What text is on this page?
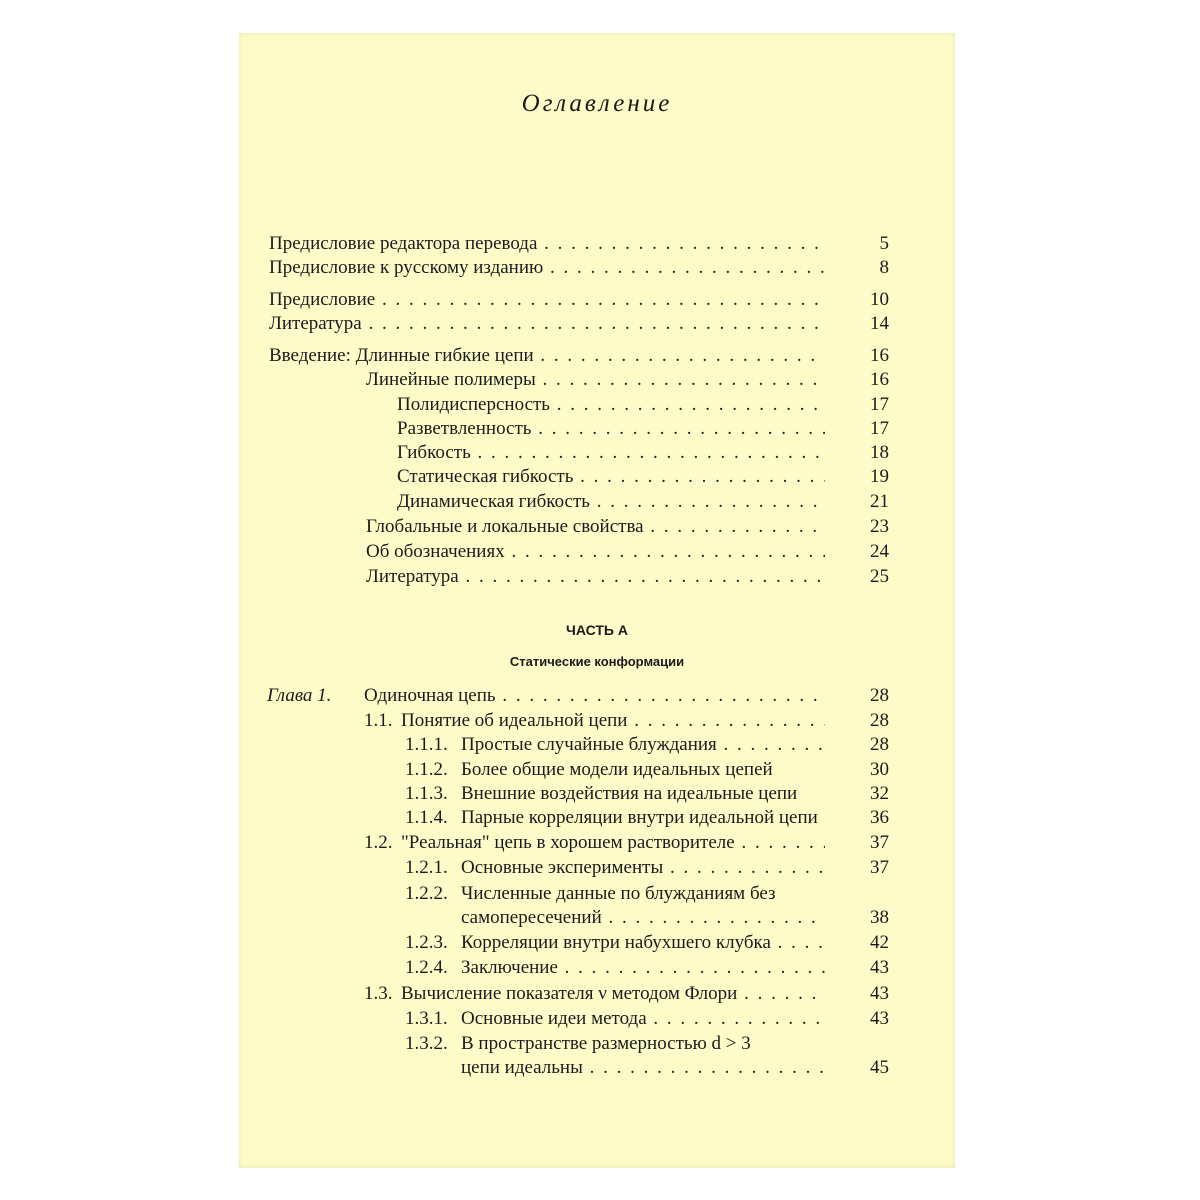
Оглавление
Предисловие редактора перевода . . .	5
Предисловие к русскому изданию . . .	8
Предисловие . . .	10
Литература . . .	14
Введение: Длинные гибкие цепи . . .	16
Линейные полимеры . . .	16
Полидисперсность . . .	17
Разветвленность . . .	17
Гибкость . . .	18
Статическая гибкость . . .	19
Динамическая гибкость . . .	21
Глобальные и локальные свойства . . .	23
Об обозначениях . . .	24
Литература . . .	25
ЧАСТЬ А
Статические конформации
Глава 1. Одиночная цепь . . .	28
1.1. Понятие об идеальной цепи . . .	28
1.1.1. Простые случайные блуждания . . .	28
1.1.2. Более общие модели идеальных цепей	30
1.1.3. Внешние воздействия на идеальные цепи	32
1.1.4. Парные корреляции внутри идеальной цепи	36
1.2. "Реальная" цепь в хорошем растворителе . . .	37
1.2.1. Основные эксперименты . . .	37
1.2.2. Численные данные по блужданиям без
самопересечений . . .	38
1.2.3. Корреляции внутри набухшего клубка . . .	42
1.2.4. Заключение . . .	43
1.3. Вычисление показателя ν методом Флори . . .	43
1.3.1. Основные идеи метода . . .	43
1.3.2. В пространстве размерностью d > 3
цепи идеальны . . .	45
